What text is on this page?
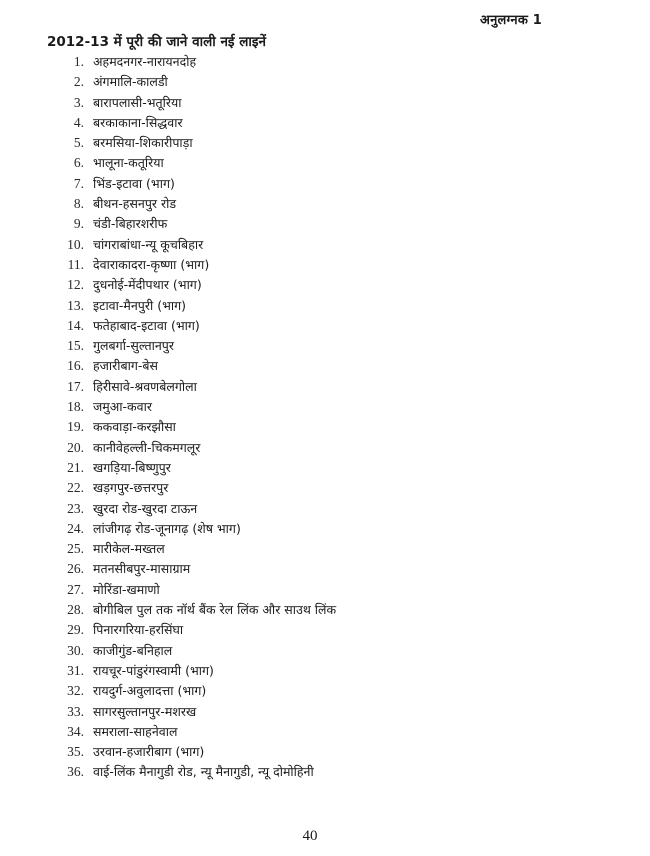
अनुलग्नक 1
2012-13 में पूरी की जाने वाली नई लाइनें
1. अहमदनगर-नारायनदोह
2. अंगमालि-कालडी
3. बारापलासी-भतूरिया
4. बरकाकाना-सिद्धवार
5. बरमसिया-शिकारीपाड़ा
6. भालूना-कतूरिया
7. भिंड-इटावा (भाग)
8. बीथन-हसनपुर रोड
9. चंडी-बिहारशरीफ
10. चांगराबांधा-न्यू कूचबिहार
11. देवाराकादरा-कृष्णा (भाग)
12. दुधनोई-मेंदीपथार (भाग)
13. इटावा-मैनपुरी (भाग)
14. फतेहाबाद-इटावा (भाग)
15. गुलबर्गा-सुल्तानपुर
16. हजारीबाग-बेस
17. हिरीसावे-श्रवणबेलगोला
18. जमुआ-कवार
19. ककवाड़ा-करझौसा
20. कानीवेहल्ली-चिकमगलूर
21. खगड़िया-बिष्णुपुर
22. खड़गपुर-छत्तरपुर
23. खुरदा रोड-खुरदा टाऊन
24. लांजीगढ़ रोड-जूनागढ़ (शेष भाग)
25. मारीकेल-मख्तल
26. मतनसीबपुर-मासाग्राम
27. मोरिंडा-खमाणो
28. बोगीबिल पुल तक नॉर्थ बैंक रेल लिंक और साउथ लिंक
29. पिनारगरिया-हरसिंघा
30. काजीगुंड-बनिहाल
31. रायचूर-पांडुरंगस्वामी (भाग)
32. रायदुर्ग-अवुलादत्ता (भाग)
33. सागरसुल्तानपुर-मशरख
34. समराला-साहनेवाल
35. उरवान-हजारीबाग (भाग)
36. वाई-लिंक मैनागुडी रोड, न्यू मैनागुडी, न्यू दोमोहिनी
40
